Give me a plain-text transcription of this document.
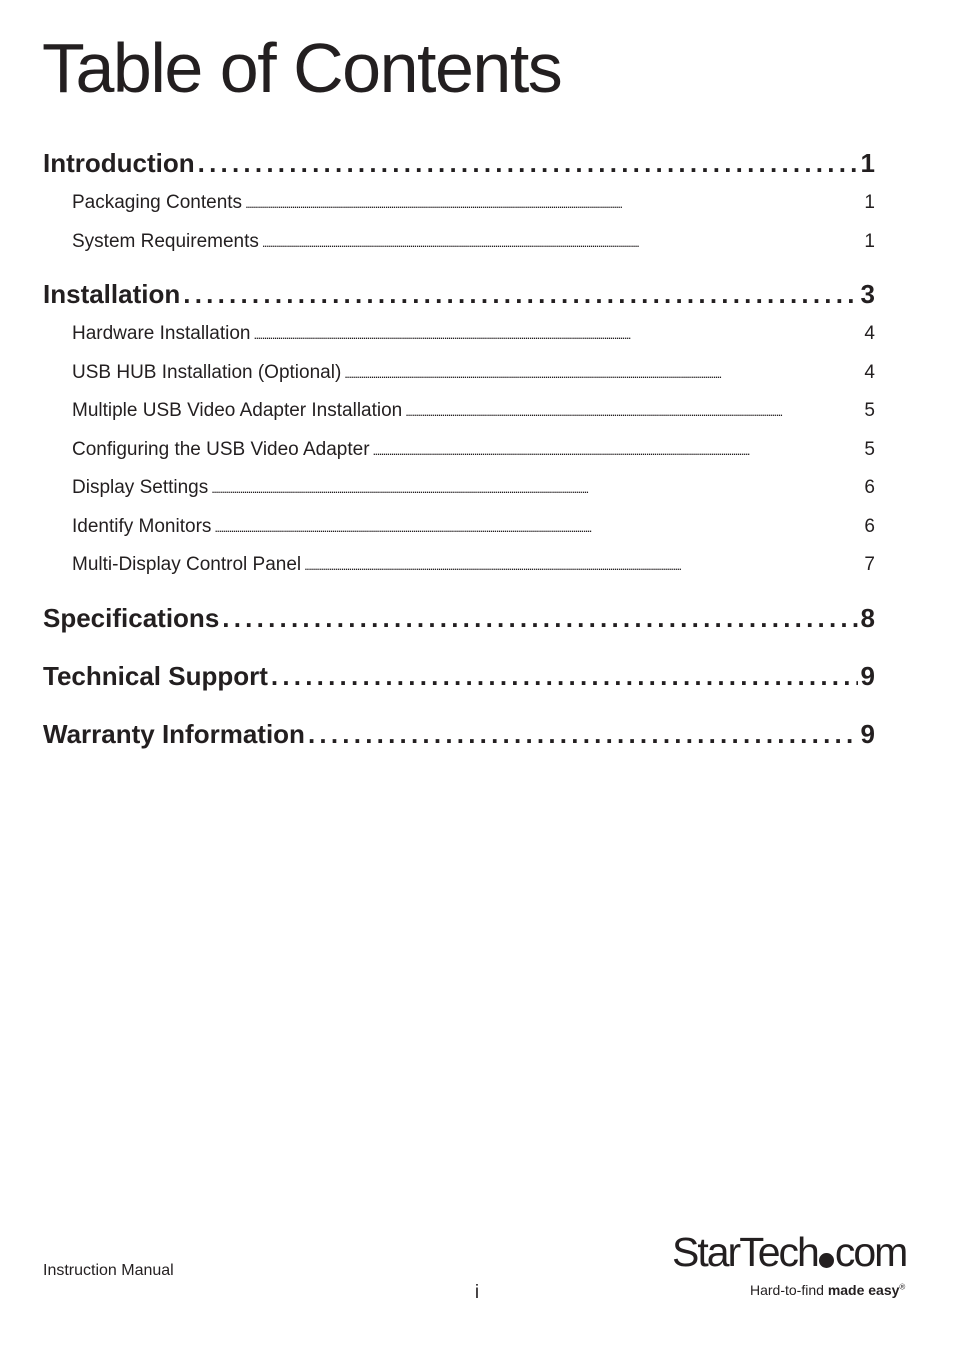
Table of Contents
Introduction . . .	1
Packaging Contents . . .	1
System Requirements . . .	1
Installation . . .	3
Hardware Installation . . .	4
USB HUB Installation (Optional) . . .	4
Multiple USB Video Adapter Installation . . .	5
Configuring the USB Video Adapter . . .	5
Display Settings . . .	6
Identify Monitors . . .	6
Multi-Display Control Panel . . .	7
Specifications . . .	8
Technical Support . . .	9
Warranty Information . . .	9
Instruction Manual
i
StarTech com
Hard-to-find made easy®
